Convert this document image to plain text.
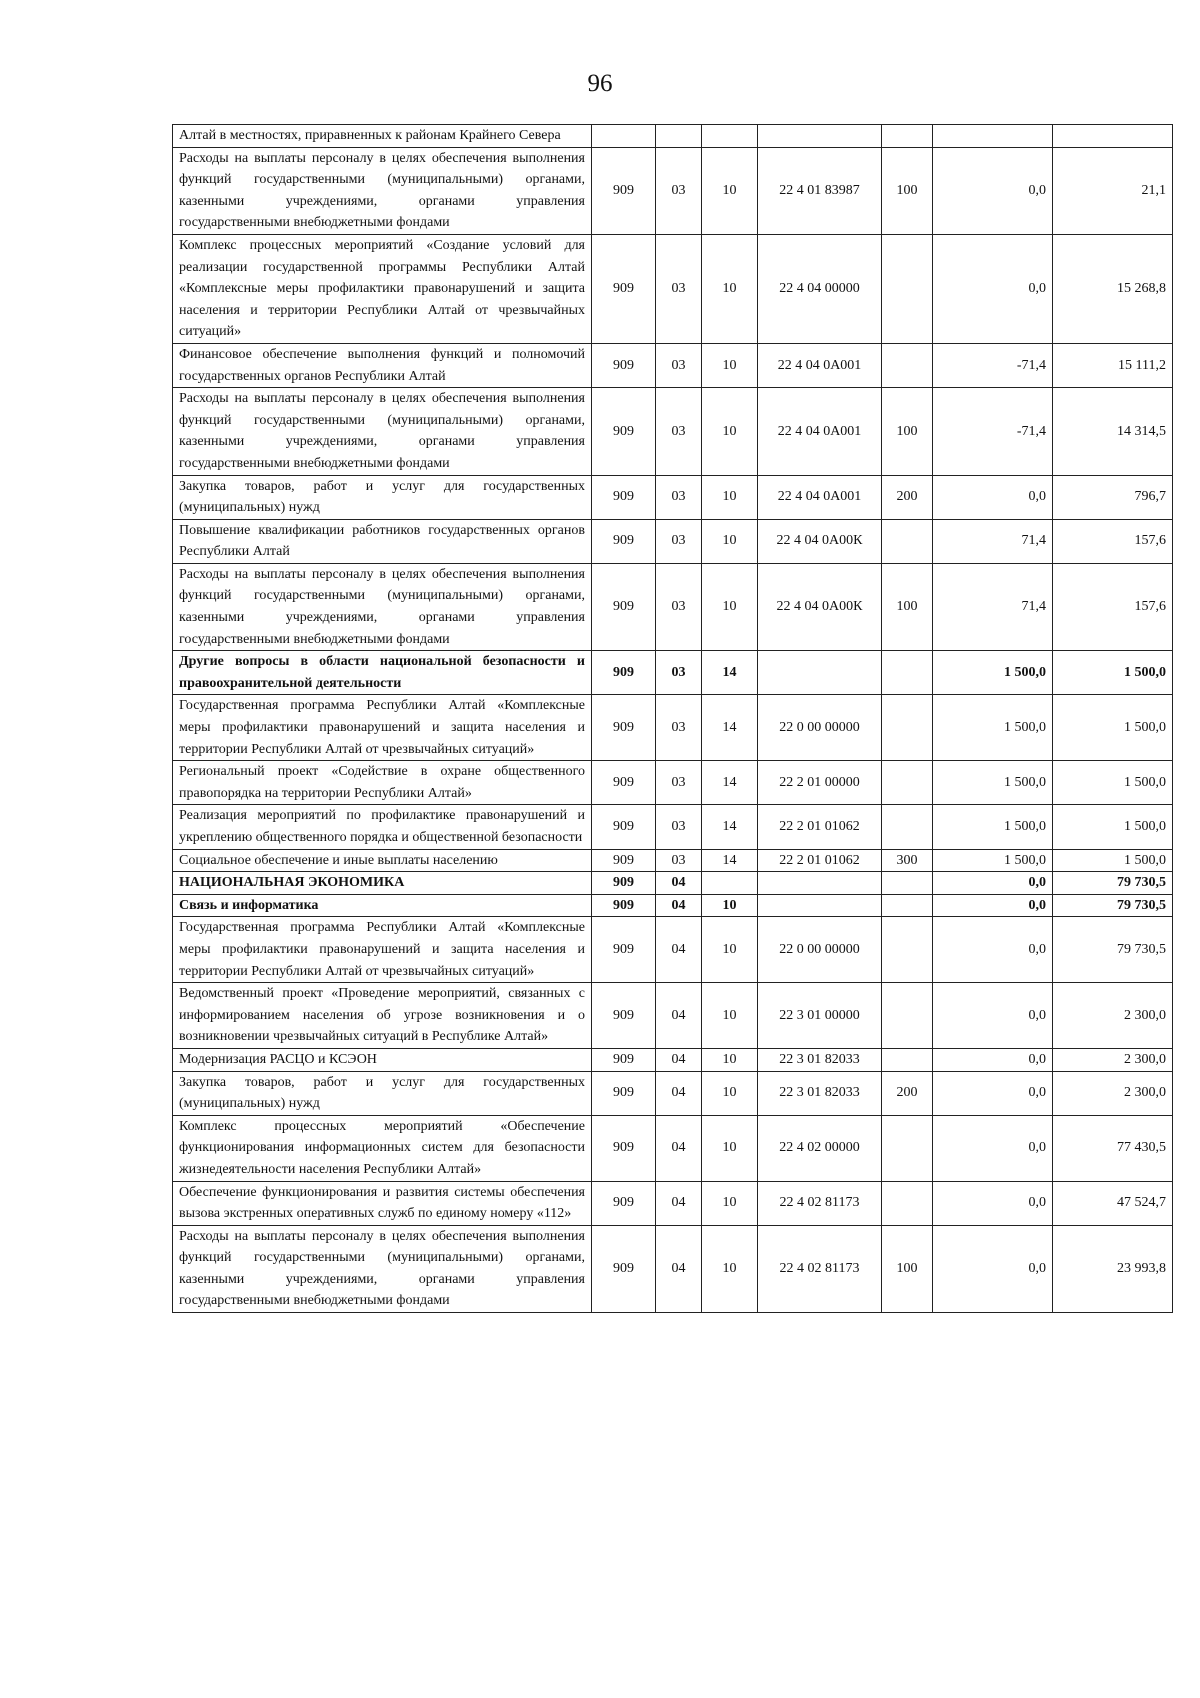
96
Алтай в местностях, приравненных к районам Крайнего Севера							
Расходы на выплаты персоналу в целях обеспечения выполнения функций государственными (муниципальными) органами, казенными учреждениями, органами управления государственными внебюджетными фондами	909	03	10	22 4 01 83987	100	0,0	21,1
Комплекс процессных мероприятий «Создание условий для реализации государственной программы Республики Алтай «Комплексные меры профилактики правонарушений и защита населения и территории Республики Алтай от чрезвычайных ситуаций»	909	03	10	22 4 04 00000		0,0	15 268,8
Финансовое обеспечение выполнения функций и полномочий государственных органов Республики Алтай	909	03	10	22 4 04 0А001		-71,4	15 111,2
Расходы на выплаты персоналу в целях обеспечения выполнения функций государственными (муниципальными) органами, казенными учреждениями, органами управления государственными внебюджетными фондами	909	03	10	22 4 04 0А001	100	-71,4	14 314,5
Закупка товаров, работ и услуг для государственных (муниципальных) нужд	909	03	10	22 4 04 0А001	200	0,0	796,7
Повышение квалификации работников государственных органов Республики Алтай	909	03	10	22 4 04 0А00К		71,4	157,6
Расходы на выплаты персоналу в целях обеспечения выполнения функций государственными (муниципальными) органами, казенными учреждениями, органами управления государственными внебюджетными фондами	909	03	10	22 4 04 0А00К	100	71,4	157,6
Другие вопросы в области национальной безопасности и правоохранительной деятельности	909	03	14			1 500,0	1 500,0
Государственная программа Республики Алтай «Комплексные меры профилактики правонарушений и защита населения и территории Республики Алтай от чрезвычайных ситуаций»	909	03	14	22 0 00 00000		1 500,0	1 500,0
Региональный проект «Содействие в охране общественного правопорядка на территории Республики Алтай»	909	03	14	22 2 01 00000		1 500,0	1 500,0
Реализация мероприятий по профилактике правонарушений и укреплению общественного порядка и общественной безопасности	909	03	14	22 2 01 01062		1 500,0	1 500,0
Социальное обеспечение и иные выплаты населению	909	03	14	22 2 01 01062	300	1 500,0	1 500,0
НАЦИОНАЛЬНАЯ ЭКОНОМИКА	909	04				0,0	79 730,5
Связь и информатика	909	04	10			0,0	79 730,5
Государственная программа Республики Алтай «Комплексные меры профилактики правонарушений и защита населения и территории Республики Алтай от чрезвычайных ситуаций»	909	04	10	22 0 00 00000		0,0	79 730,5
Ведомственный проект «Проведение мероприятий, связанных с информированием населения об угрозе возникновения и о возникновении чрезвычайных ситуаций в Республике Алтай»	909	04	10	22 3 01 00000		0,0	2 300,0
Модернизация РАСЦО и КСЭОН	909	04	10	22 3 01 82033		0,0	2 300,0
Закупка товаров, работ и услуг для государственных (муниципальных) нужд	909	04	10	22 3 01 82033	200	0,0	2 300,0
Комплекс процессных мероприятий «Обеспечение функционирования информационных систем для безопасности жизнедеятельности населения Республики Алтай»	909	04	10	22 4 02 00000		0,0	77 430,5
Обеспечение функционирования и развития системы обеспечения вызова экстренных оперативных служб по единому номеру «112»	909	04	10	22 4 02 81173		0,0	47 524,7
Расходы на выплаты персоналу в целях обеспечения выполнения функций государственными (муниципальными) органами, казенными учреждениями, органами управления государственными внебюджетными фондами	909	04	10	22 4 02 81173	100	0,0	23 993,8
